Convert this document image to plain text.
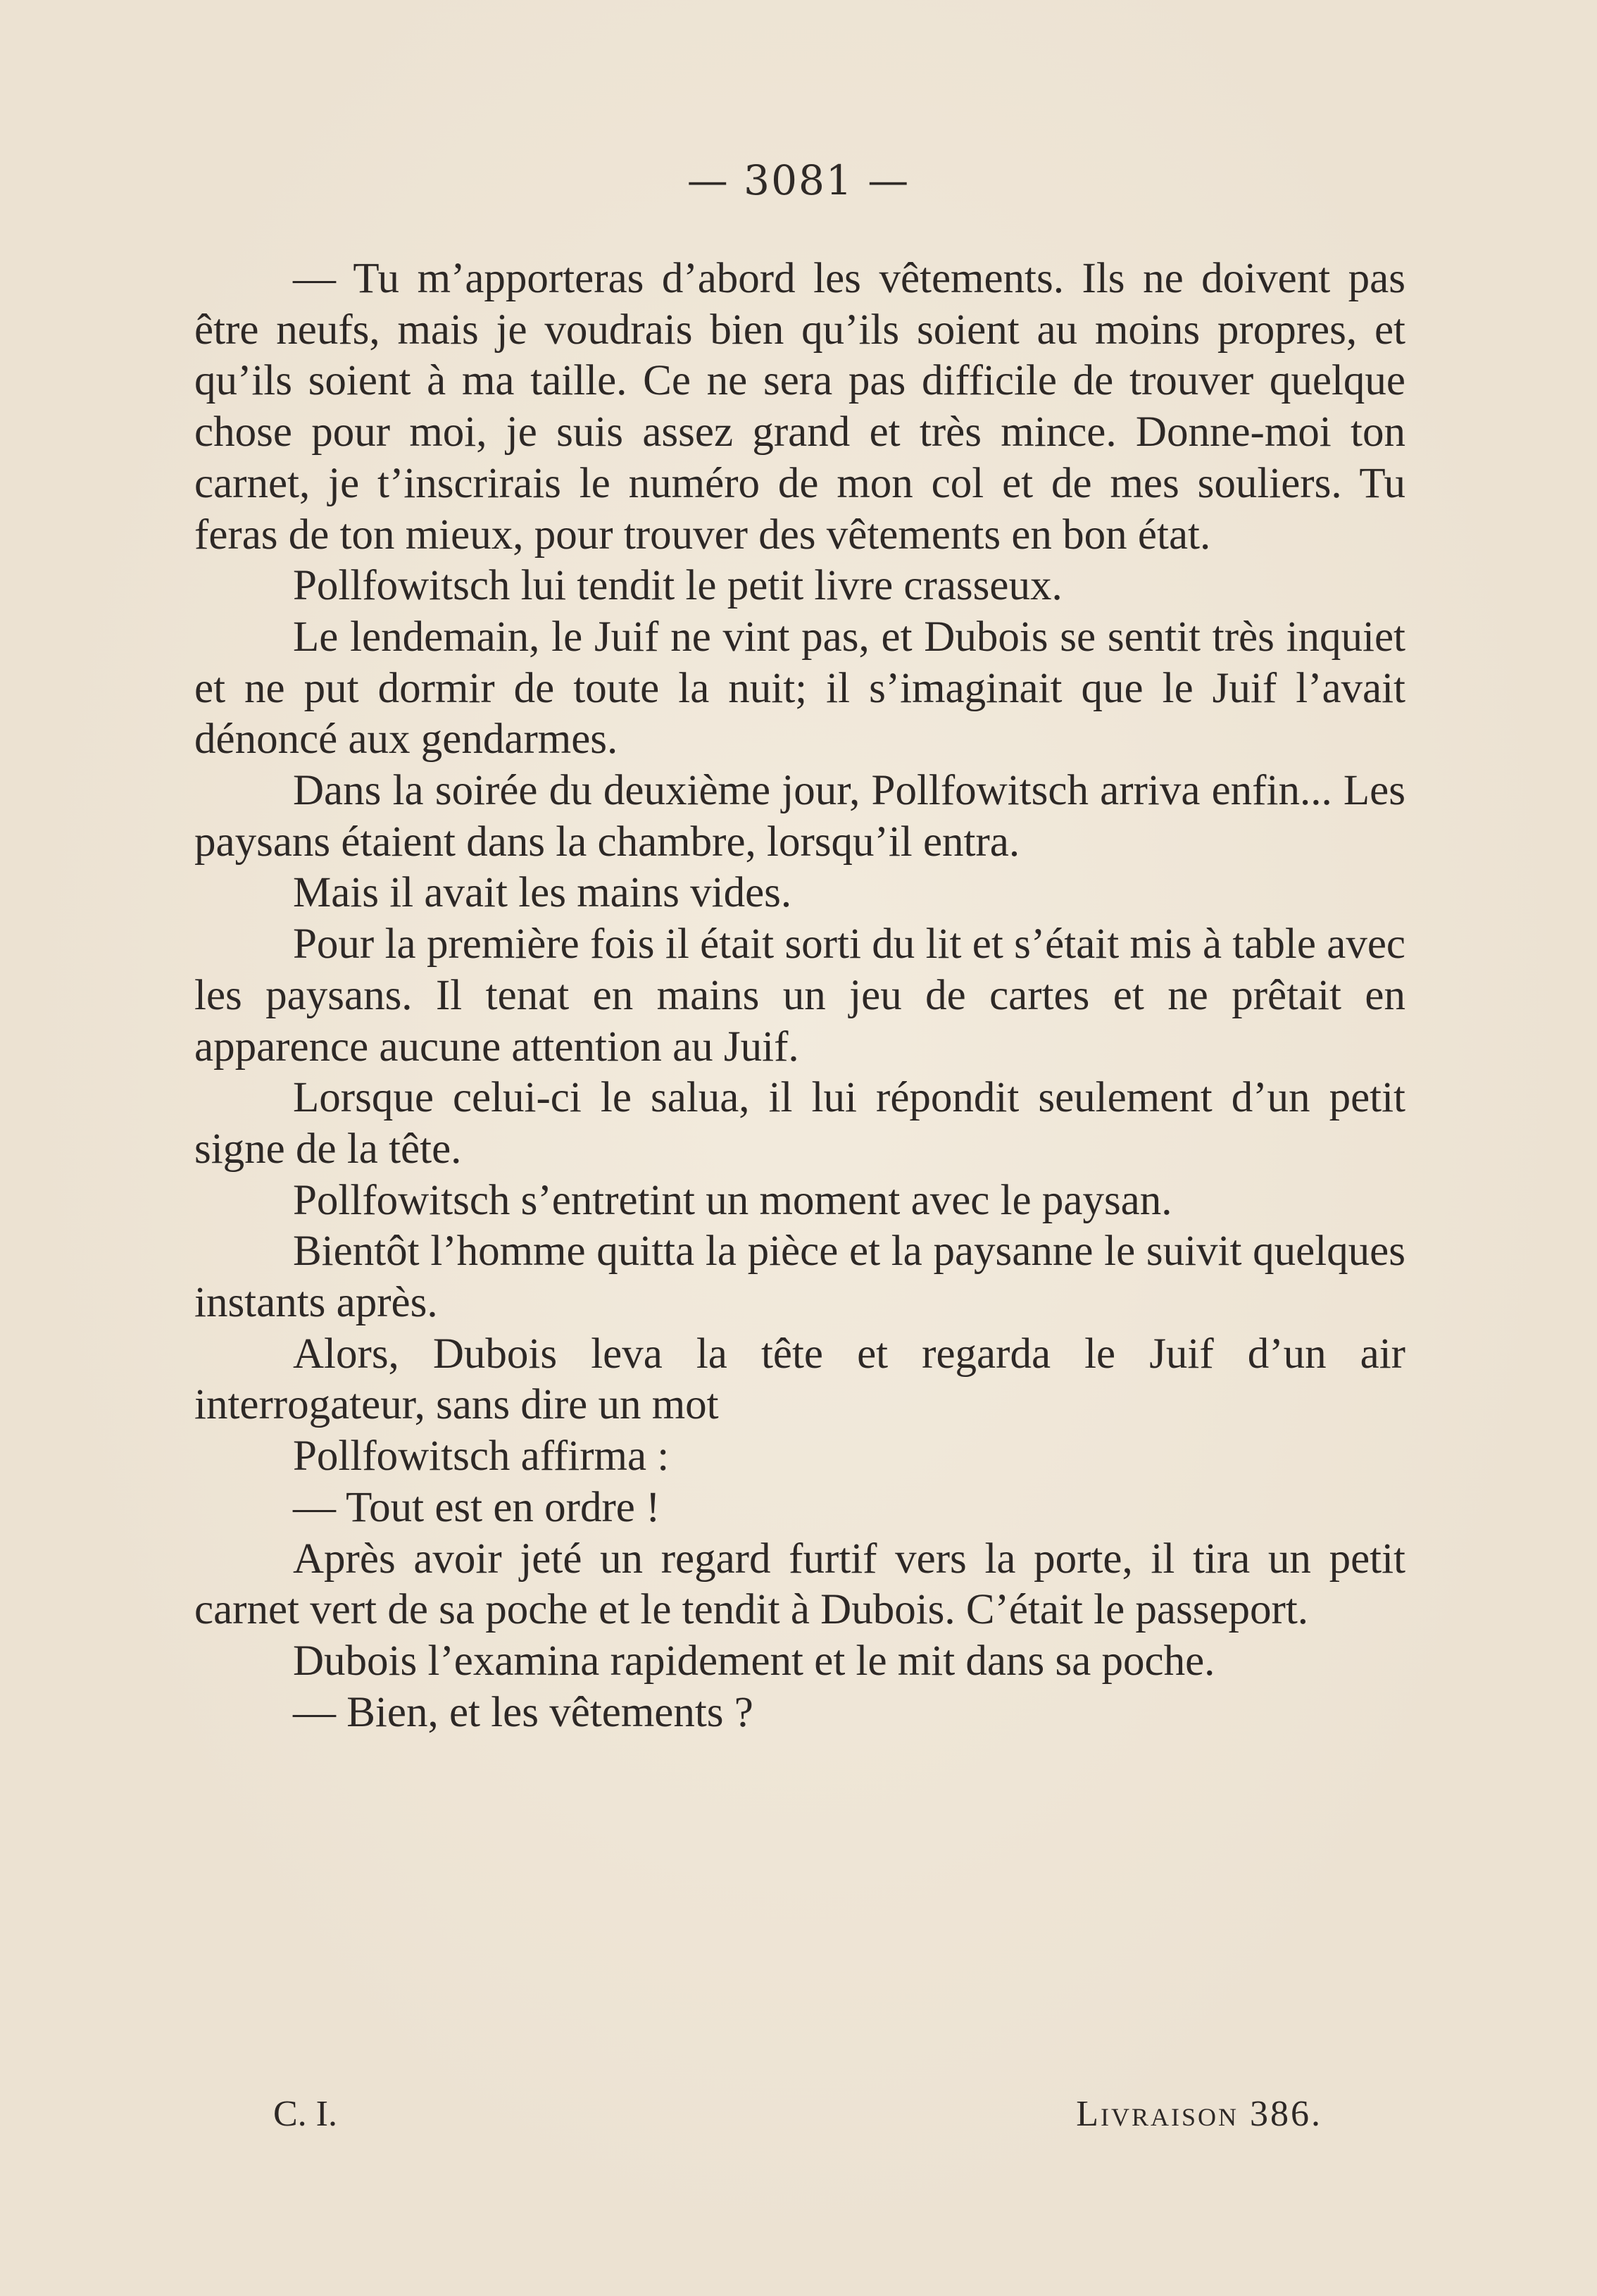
— 3081 —

— Tu m’apporteras d’abord les vêtements. Ils ne doivent pas être neufs, mais je voudrais bien qu’ils soient au moins propres, et qu’ils soient à ma taille. Ce ne sera pas difficile de trouver quelque chose pour moi, je suis assez grand et très mince. Donne-moi ton carnet, je t’inscrirais le numéro de mon col et de mes souliers. Tu feras de ton mieux, pour trouver des vêtements en bon état.

Pollfowitsch lui tendit le petit livre crasseux.

Le lendemain, le Juif ne vint pas, et Dubois se sentit très inquiet et ne put dormir de toute la nuit; il s’imaginait que le Juif l’avait dénoncé aux gendarmes.

Dans la soirée du deuxième jour, Pollfowitsch arriva enfin... Les paysans étaient dans la chambre, lorsqu’il entra.

Mais il avait les mains vides.

Pour la première fois il était sorti du lit et s’était mis à table avec les paysans. Il tenat en mains un jeu de cartes et ne prêtait en apparence aucune attention au Juif.

Lorsque celui-ci le salua, il lui répondit seulement d’un petit signe de la tête.

Pollfowitsch s’entretint un moment avec le paysan.

Bientôt l’homme quitta la pièce et la paysanne le suivit quelques instants après.

Alors, Dubois leva la tête et regarda le Juif d’un air interrogateur, sans dire un mot

Pollfowitsch affirma :

— Tout est en ordre !

Après avoir jeté un regard furtif vers la porte, il tira un petit carnet vert de sa poche et le tendit à Dubois. C’était le passeport.

Dubois l’examina rapidement et le mit dans sa poche.

— Bien, et les vêtements ?

C. I.	Livraison 386.
